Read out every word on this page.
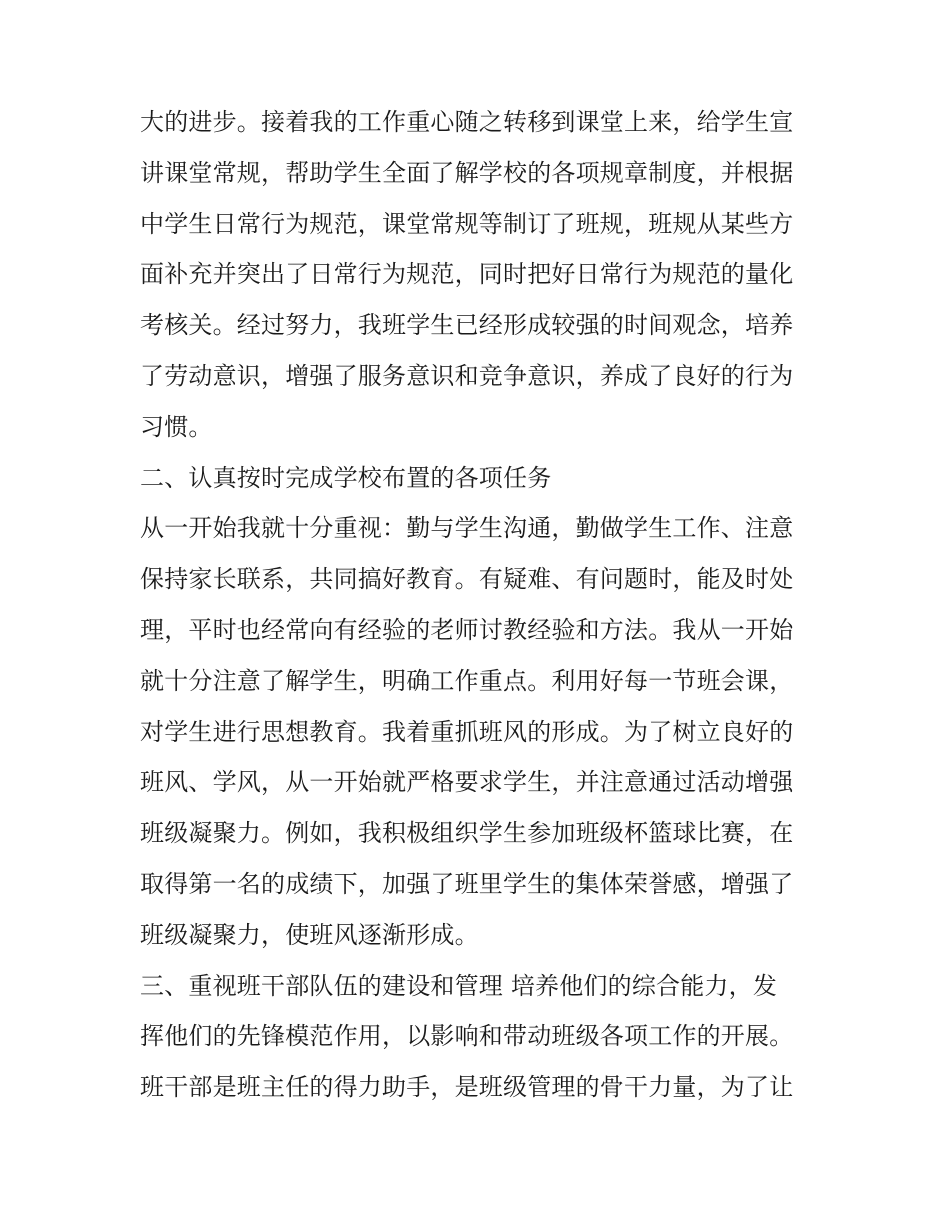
大的进步。接着我的工作重心随之转移到课堂上来，给学生宣
讲课堂常规，帮助学生全面了解学校的各项规章制度，并根据
中学生日常行为规范，课堂常规等制订了班规，班规从某些方
面补充并突出了日常行为规范，同时把好日常行为规范的量化
考核关。经过努力，我班学生已经形成较强的时间观念，培养
了劳动意识，增强了服务意识和竞争意识，养成了良好的行为
习惯。
二、认真按时完成学校布置的各项任务
从一开始我就十分重视：勤与学生沟通，勤做学生工作、注意
保持家长联系，共同搞好教育。有疑难、有问题时，能及时处
理，平时也经常向有经验的老师讨教经验和方法。我从一开始
就十分注意了解学生，明确工作重点。利用好每一节班会课，
对学生进行思想教育。我着重抓班风的形成。为了树立良好的
班风、学风，从一开始就严格要求学生，并注意通过活动增强
班级凝聚力。例如，我积极组织学生参加班级杯篮球比赛，在
取得第一名的成绩下，加强了班里学生的集体荣誉感，增强了
班级凝聚力，使班风逐渐形成。
三、重视班干部队伍的建设和管理 培养他们的综合能力，发
挥他们的先锋模范作用，以影响和带动班级各项工作的开展。
班干部是班主任的得力助手，是班级管理的骨干力量，为了让
